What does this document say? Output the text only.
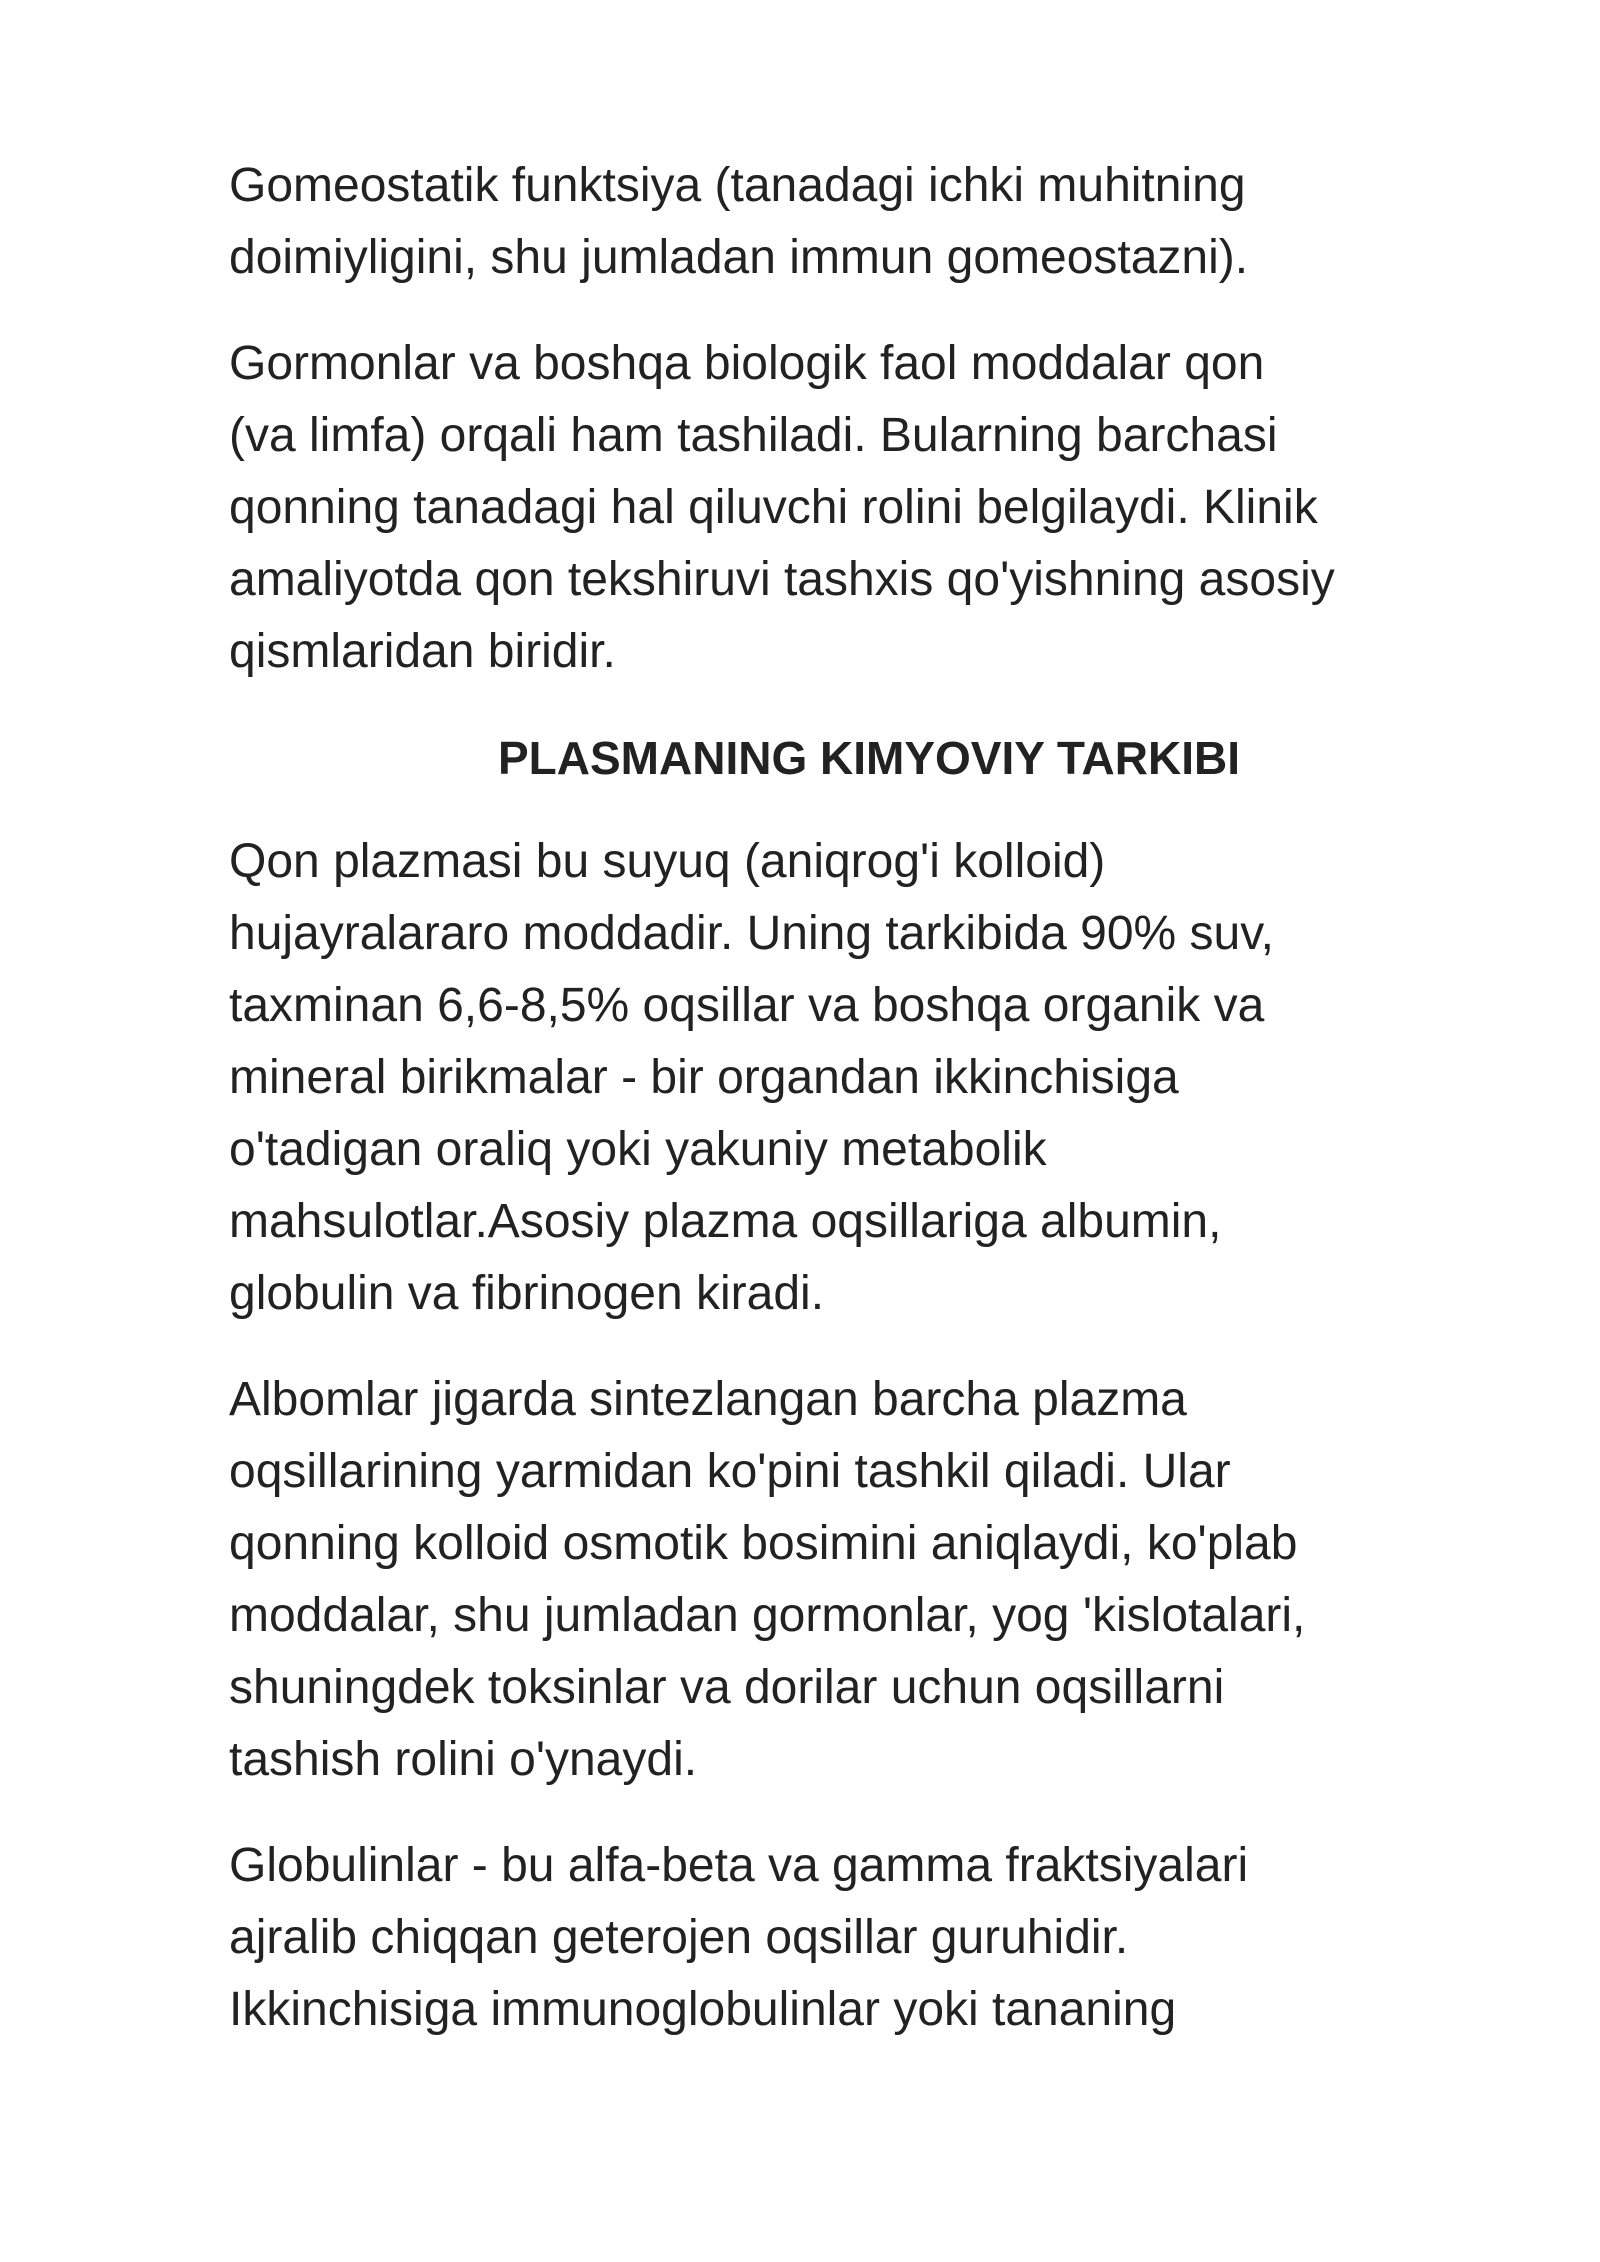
Gomeostatik funktsiya (tanadagi ichki muhitning
doimiyligini, shu jumladan immun gomeostazni).

Gormonlar va boshqa biologik faol moddalar qon
(va limfa) orqali ham tashiladi. Bularning barchasi
qonning tanadagi hal qiluvchi rolini belgilaydi. Klinik
amaliyotda qon tekshiruvi tashxis qo'yishning asosiy
qismlaridan biridir.

PLASMANING KIMYOVIY TARKIBI

Qon plazmasi bu suyuq (aniqrog'i kolloid)
hujayralararo moddadir. Uning tarkibida 90% suv,
taxminan 6,6-8,5% oqsillar va boshqa organik va
mineral birikmalar - bir organdan ikkinchisiga
o'tadigan oraliq yoki yakuniy metabolik
mahsulotlar.Asosiy plazma oqsillariga albumin,
globulin va fibrinogen kiradi.

Albomlar jigarda sintezlangan barcha plazma
oqsillarining yarmidan ko'pini tashkil qiladi. Ular
qonning kolloid osmotik bosimini aniqlaydi, ko'plab
moddalar, shu jumladan gormonlar, yog 'kislotalari,
shuningdek toksinlar va dorilar uchun oqsillarni
tashish rolini o'ynaydi.

Globulinlar - bu alfa-beta va gamma fraktsiyalari
ajralib chiqqan geterojen oqsillar guruhidir.
Ikkinchisiga immunoglobulinlar yoki tananing
